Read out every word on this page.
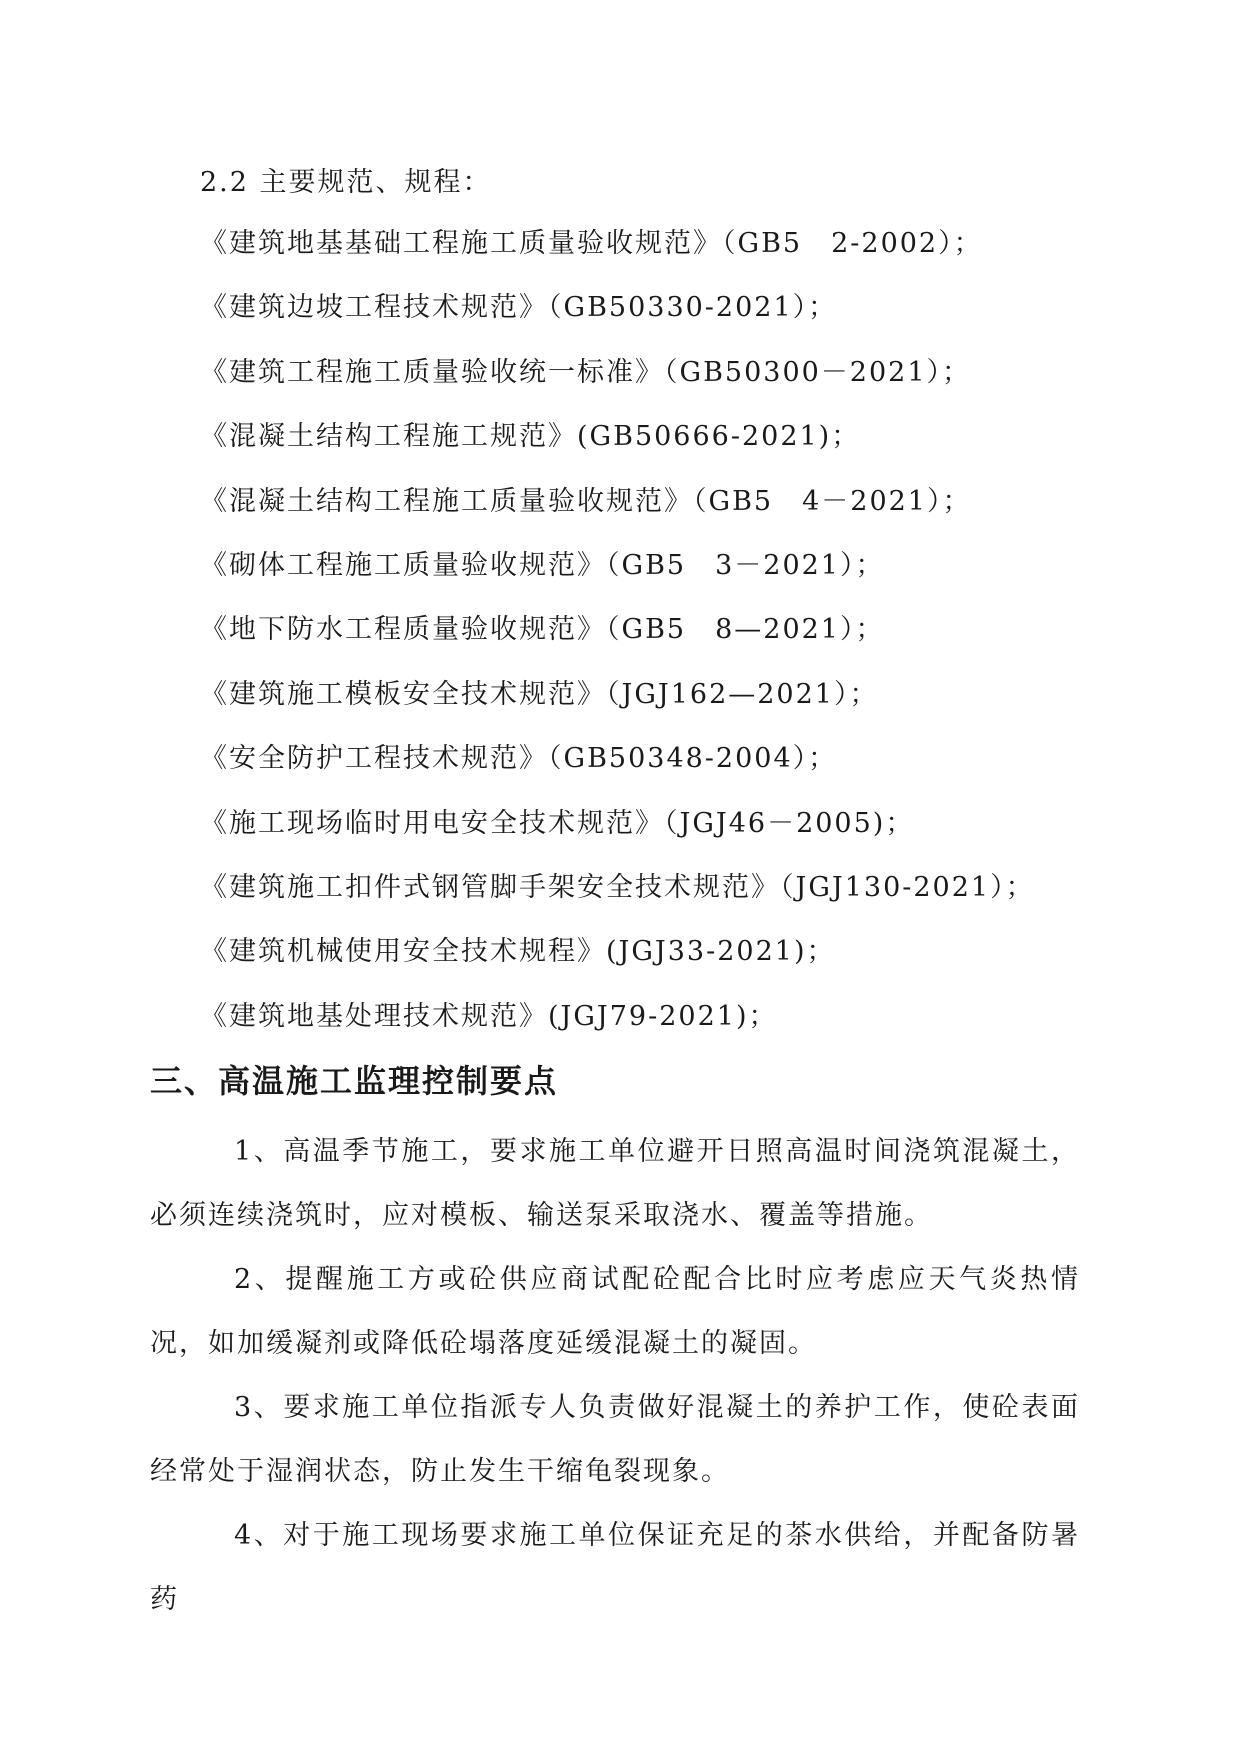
2.2 主要规范、规程：
《建筑地基基础工程施工质量验收规范》（GB5　2-2002）；
《建筑边坡工程技术规范》（GB50330-2021）；
《建筑工程施工质量验收统一标准》（GB50300－2021）；
《混凝土结构工程施工规范》(GB50666-2021)；
《混凝土结构工程施工质量验收规范》（GB5　4－2021）；
《砌体工程施工质量验收规范》（GB5　3－2021）；
《地下防水工程质量验收规范》（GB5　8—2021）；
《建筑施工模板安全技术规范》（JGJ162—2021）；
《安全防护工程技术规范》（GB50348-2004）；
《施工现场临时用电安全技术规范》（JGJ46－2005)；
《建筑施工扣件式钢管脚手架安全技术规范》（JGJ130-2021）；
《建筑机械使用安全技术规程》(JGJ33-2021)；
《建筑地基处理技术规范》(JGJ79-2021)；
三、高温施工监理控制要点

1、高温季节施工，要求施工单位避开日照高温时间浇筑混凝土，必须连续浇筑时，应对模板、输送泵采取浇水、覆盖等措施。

2、提醒施工方或砼供应商试配砼配合比时应考虑应天气炎热情况，如加缓凝剂或降低砼塌落度延缓混凝土的凝固。

3、要求施工单位指派专人负责做好混凝土的养护工作，使砼表面经常处于湿润状态，防止发生干缩龟裂现象。

4、对于施工现场要求施工单位保证充足的茶水供给，并配备防暑药
